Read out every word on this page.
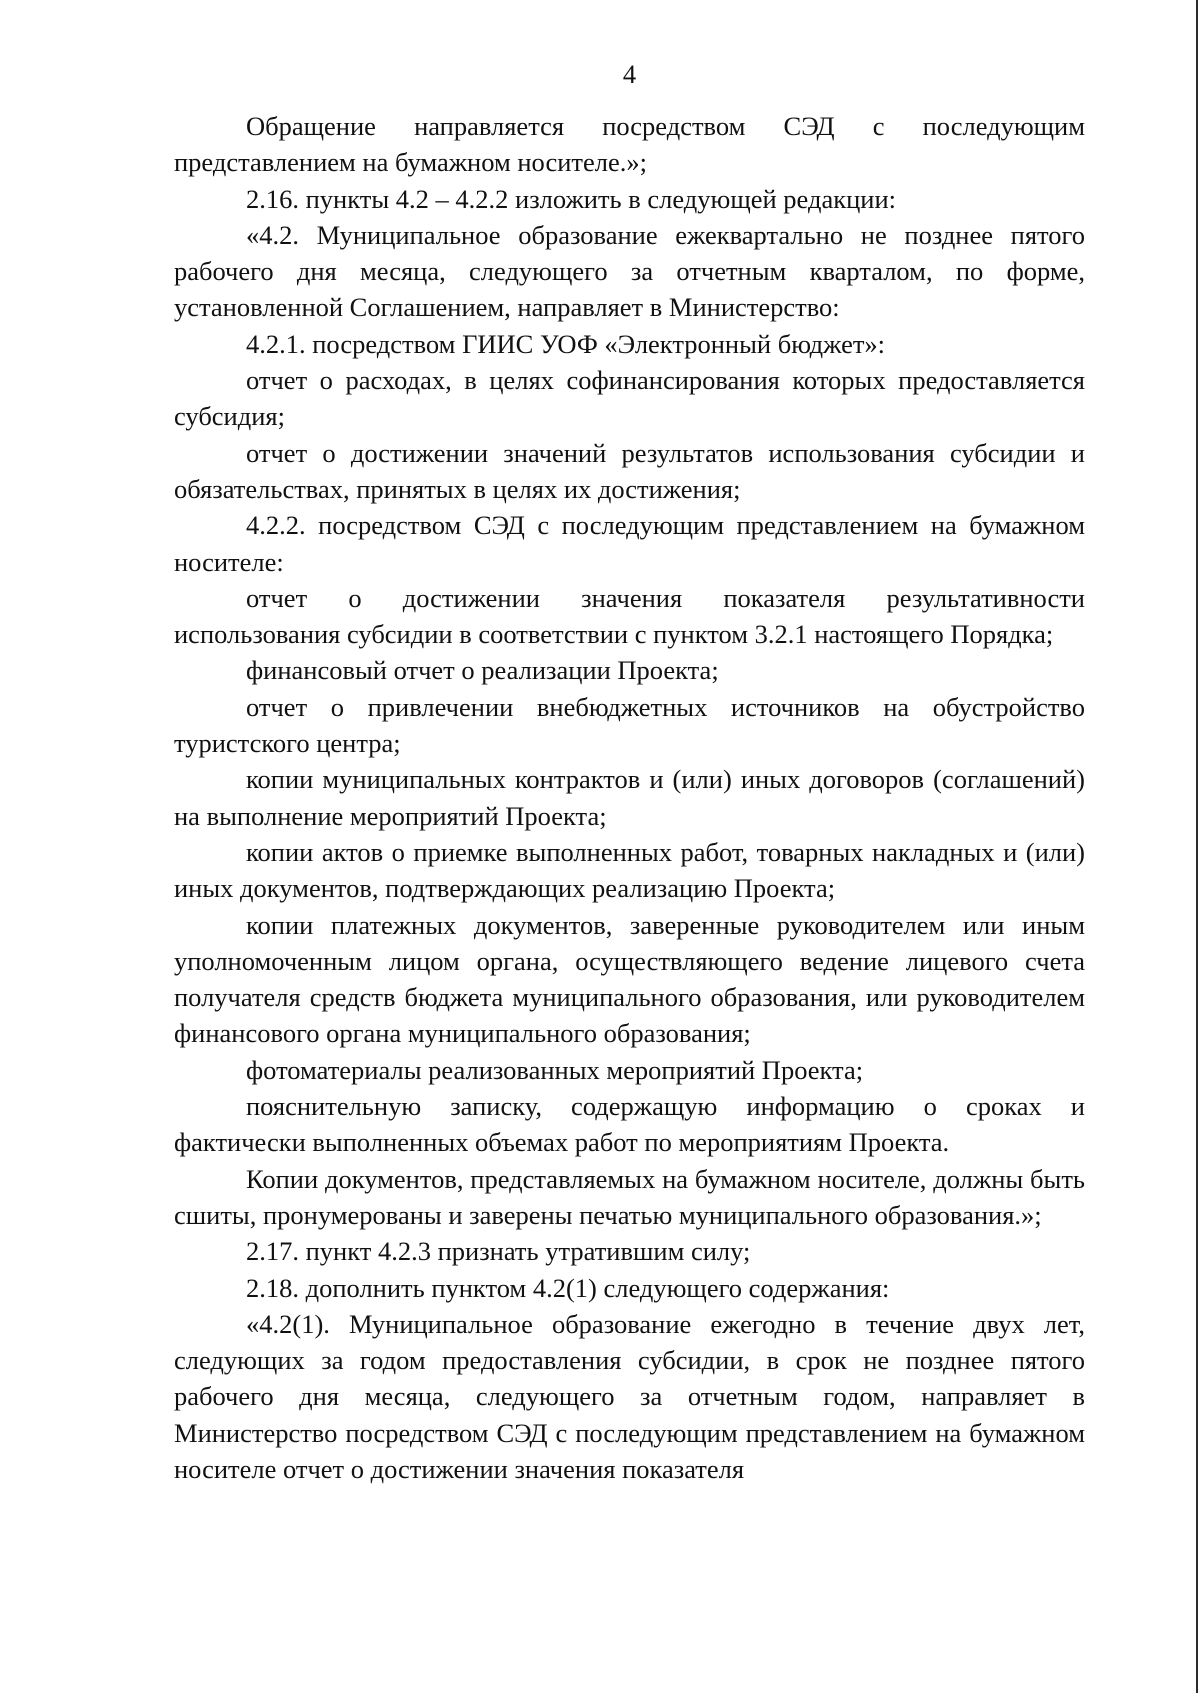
4

Обращение направляется посредством СЭД с последующим представлением на бумажном носителе.»;

2.16. пункты 4.2 – 4.2.2 изложить в следующей редакции:

«4.2. Муниципальное образование ежеквартально не позднее пятого рабочего дня месяца, следующего за отчетным кварталом, по форме, установленной Соглашением, направляет в Министерство:

4.2.1. посредством ГИИС УОФ «Электронный бюджет»:

отчет о расходах, в целях софинансирования которых предоставляется субсидия;

отчет о достижении значений результатов использования субсидии и обязательствах, принятых в целях их достижения;

4.2.2. посредством СЭД с последующим представлением на бумажном носителе:

отчет о достижении значения показателя результативности использования субсидии в соответствии с пунктом 3.2.1 настоящего Порядка;

финансовый отчет о реализации Проекта;

отчет о привлечении внебюджетных источников на обустройство туристского центра;

копии муниципальных контрактов и (или) иных договоров (соглашений) на выполнение мероприятий Проекта;

копии актов о приемке выполненных работ, товарных накладных и (или) иных документов, подтверждающих реализацию Проекта;

копии платежных документов, заверенные руководителем или иным уполномоченным лицом органа, осуществляющего ведение лицевого счета получателя средств бюджета муниципального образования, или руководителем финансового органа муниципального образования;

фотоматериалы реализованных мероприятий Проекта;

пояснительную записку, содержащую информацию о сроках и фактически выполненных объемах работ по мероприятиям Проекта.

Копии документов, представляемых на бумажном носителе, должны быть сшиты, пронумерованы и заверены печатью муниципального образования.»;

2.17. пункт 4.2.3 признать утратившим силу;

2.18. дополнить пунктом 4.2(1) следующего содержания:

«4.2(1). Муниципальное образование ежегодно в течение двух лет, следующих за годом предоставления субсидии, в срок не позднее пятого рабочего дня месяца, следующего за отчетным годом, направляет в Министерство посредством СЭД с последующим представлением на бумажном носителе отчет о достижении значения показателя
